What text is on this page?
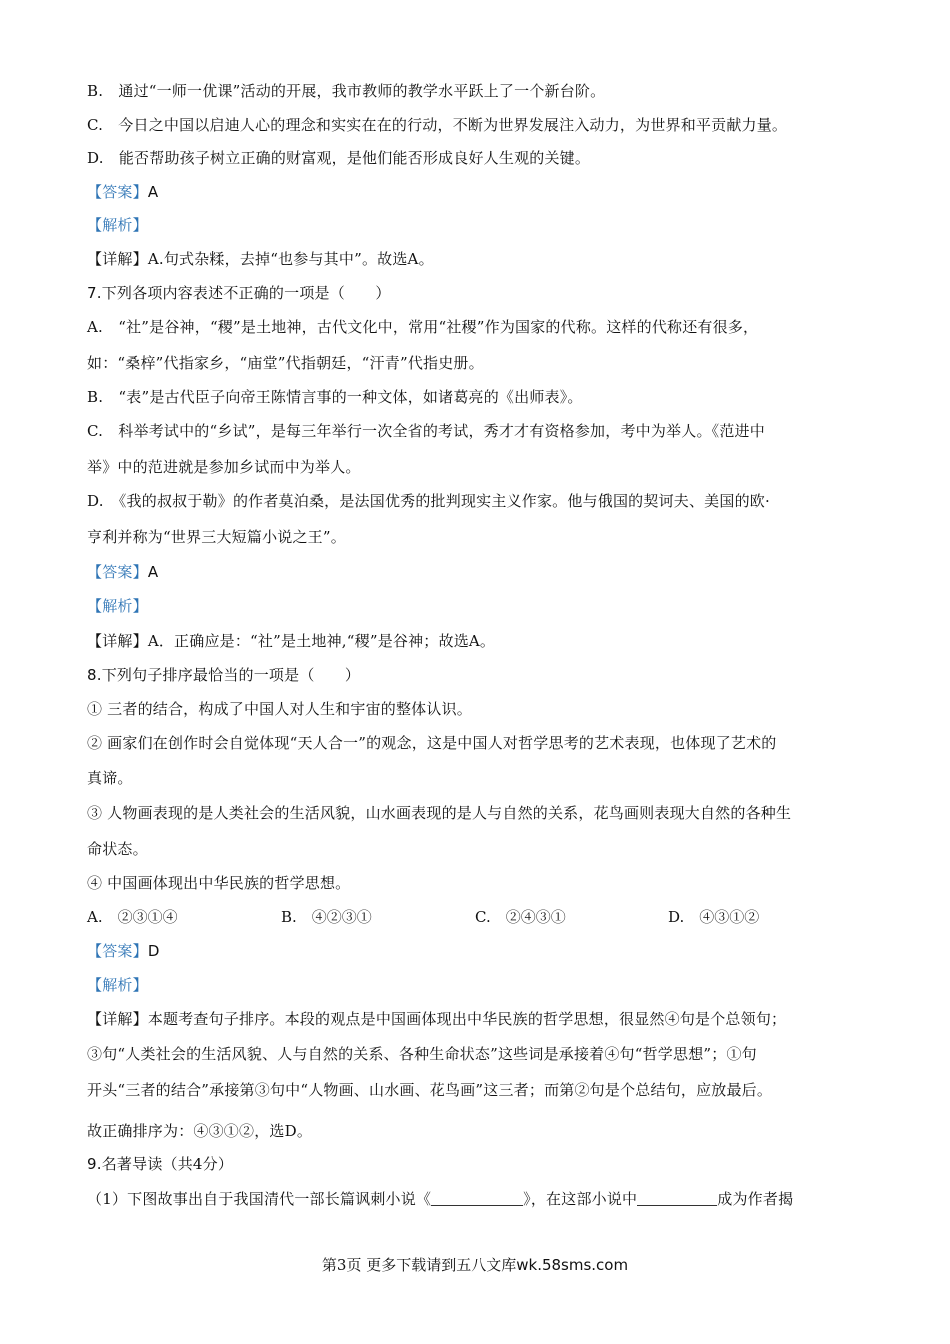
B.　通过“一师一优课”活动的开展，我市教师的教学水平跃上了一个新台阶。
C.　今日之中国以启迪人心的理念和实实在在的行动，不断为世界发展注入动力，为世界和平贡献力量。
D.　能否帮助孩子树立正确的财富观，是他们能否形成良好人生观的关键。
【答案】A
【解析】
【详解】A.句式杂糅，去掉“也参与其中”。故选A。
7.下列各项内容表述不正确的一项是（　　）
A.　“社”是谷神，“稷”是土地神，古代文化中，常用“社稷”作为国家的代称。这样的代称还有很多，
如：“桑梓”代指家乡，“庙堂”代指朝廷，“汗青”代指史册。
B.　“表”是古代臣子向帝王陈情言事的一种文体，如诸葛亮的《出师表》。
C.　科举考试中的“乡试”，是每三年举行一次全省的考试，秀才才有资格参加，考中为举人。《范进中
举》中的范进就是参加乡试而中为举人。
D.　《我的叔叔于勒》的作者莫泊桑，是法国优秀的批判现实主义作家。他与俄国的契诃夫、美国的欧·
亨利并称为“世界三大短篇小说之王”。
【答案】A
【解析】
【详解】A．正确应是：“社”是土地神,“稷”是谷神；故选A。
8.下列句子排序最恰当的一项是（　　）
① 三者的结合，构成了中国人对人生和宇宙的整体认识。
② 画家们在创作时会自觉体现“天人合一”的观念，这是中国人对哲学思考的艺术表现，也体现了艺术的
真谛。
③ 人物画表现的是人类社会的生活风貌，山水画表现的是人与自然的关系，花鸟画则表现大自然的各种生
命状态。
④ 中国画体现出中华民族的哲学思想。
A.　②③①④	B.　④②③①	C.　②④③①	D.　④③①②
【答案】D
【解析】
【详解】本题考查句子排序。本段的观点是中国画体现出中华民族的哲学思想，很显然④句是个总领句；
③句“人类社会的生活风貌、人与自然的关系、各种生命状态”这些词是承接着④句“哲学思想”；①句
开头“三者的结合”承接第③句中“人物画、山水画、花鸟画”这三者；而第②句是个总结句，应放最后。
故正确排序为：④③①②，选D。
9.名著导读（共4分）
（1）下图故事出自于我国清代一部长篇讽刺小说《	》，在这部小说中	成为作者揭
第3页 更多下载请到五八文库wk.58sms.com
